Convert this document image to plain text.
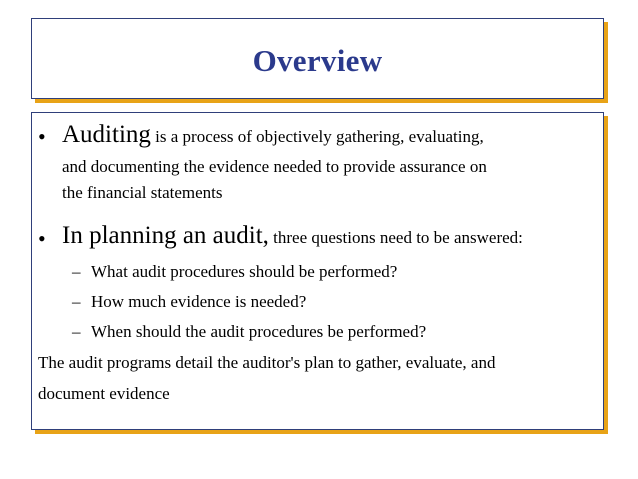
Overview
• Auditing is a process of objectively gathering, evaluating,
and documenting the evidence needed to provide assurance on
the financial statements
• In planning an audit, three questions need to be answered:
– What audit procedures should be performed?
– How much evidence is needed?
– When should the audit procedures be performed?
The audit programs detail the auditor's plan to gather, evaluate, and
document evidence
